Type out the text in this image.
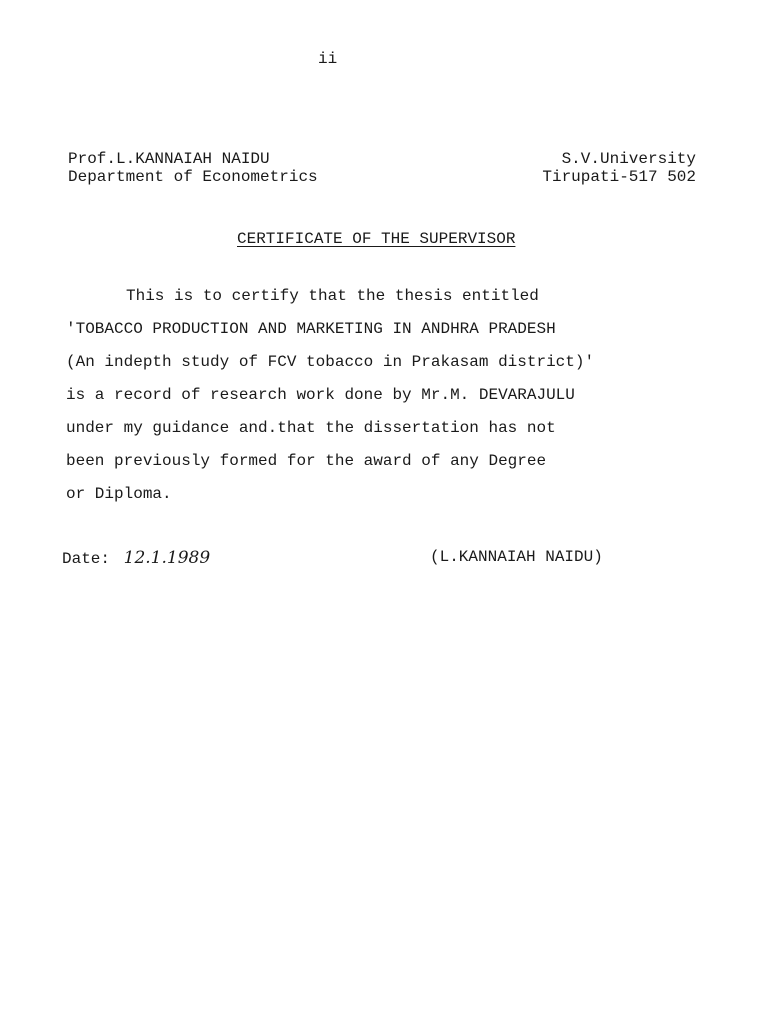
ii
Prof.L.KANNAIAH NAIDU
Department of Econometrics
S.V.University
Tirupati-517 502
CERTIFICATE OF THE SUPERVISOR
This is to certify that the thesis entitled
'TOBACCO PRODUCTION AND MARKETING IN ANDHRA PRADESH
(An indepth study of FCV tobacco in Prakasam district)'
is a record of research work done by Mr.M. DEVARAJULU
under my guidance and.that the dissertation has not
been previously formed for the award of any Degree
or Diploma.
Date: 12.1.1989	(L.KANNAIAH NAIDU)
